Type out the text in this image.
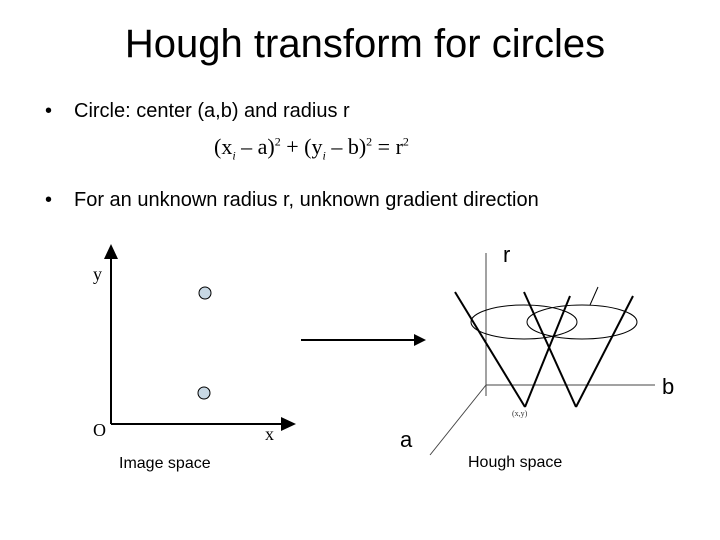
Hough transform for circles
•	Circle: center (a,b) and radius r
$(x_i - a)^2 + (y_i - b)^2 = r^2$
•	For an unknown radius r, unknown gradient direction
y
O	x
r
b
a
(x,y)
Image space	Hough space
